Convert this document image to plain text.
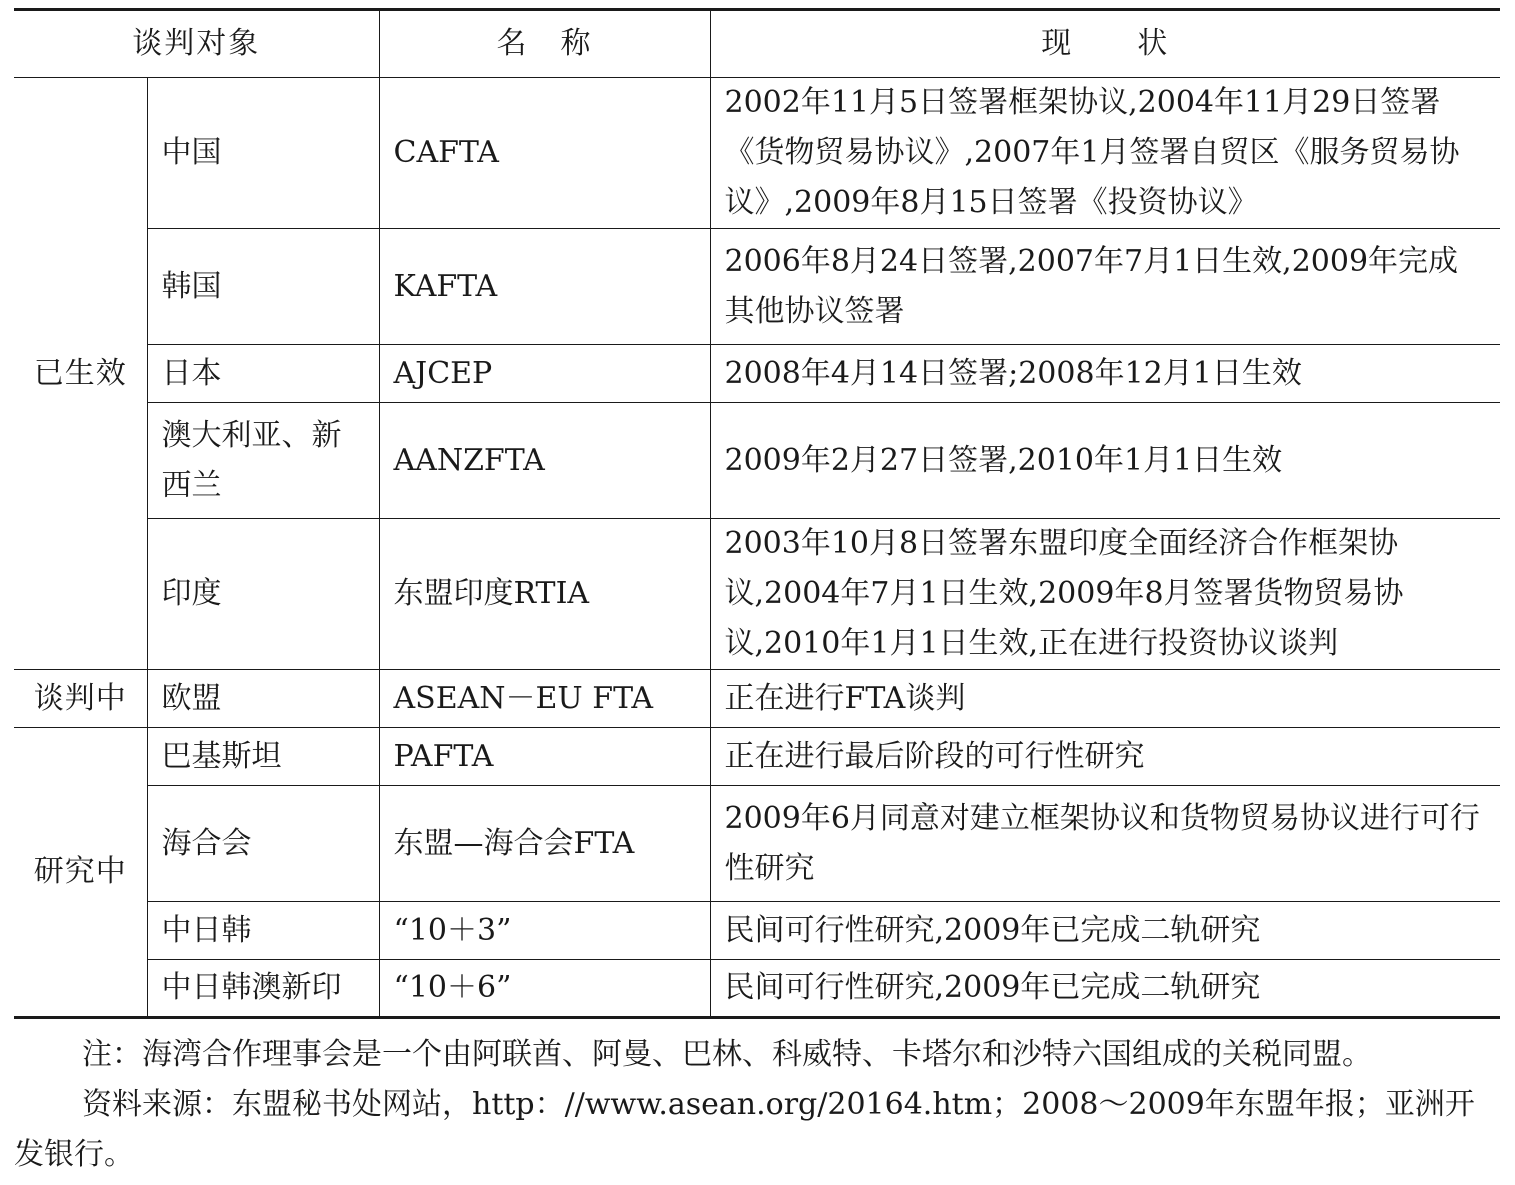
谈判对象		名　称	现　　状
已生效	中国	CAFTA	2002年11月5日签署框架协议,2004年11月29日签署《货物贸易协议》,2007年1月签署自贸区《服务贸易协议》,2009年8月15日签署《投资协议》
	韩国	KAFTA	2006年8月24日签署,2007年7月1日生效,2009年完成其他协议签署
	日本	AJCEP	2008年4月14日签署;2008年12月1日生效
	澳大利亚、新西兰	AANZFTA	2009年2月27日签署,2010年1月1日生效
	印度	东盟印度RTIA	2003年10月8日签署东盟印度全面经济合作框架协议,2004年7月1日生效,2009年8月签署货物贸易协议,2010年1月1日生效,正在进行投资协议谈判
谈判中	欧盟	ASEAN－EU FTA	正在进行FTA谈判
研究中	巴基斯坦	PAFTA	正在进行最后阶段的可行性研究
	海合会	东盟—海合会FTA	2009年6月同意对建立框架协议和货物贸易协议进行可行性研究
	中日韩	“10＋3”	民间可行性研究,2009年已完成二轨研究
	中日韩澳新印	“10＋6”	民间可行性研究,2009年已完成二轨研究

注：海湾合作理事会是一个由阿联酋、阿曼、巴林、科威特、卡塔尔和沙特六国组成的关税同盟。

资料来源：东盟秘书处网站，http：//www.asean.org/20164.htm；2008～2009年东盟年报；亚洲开发银行。
